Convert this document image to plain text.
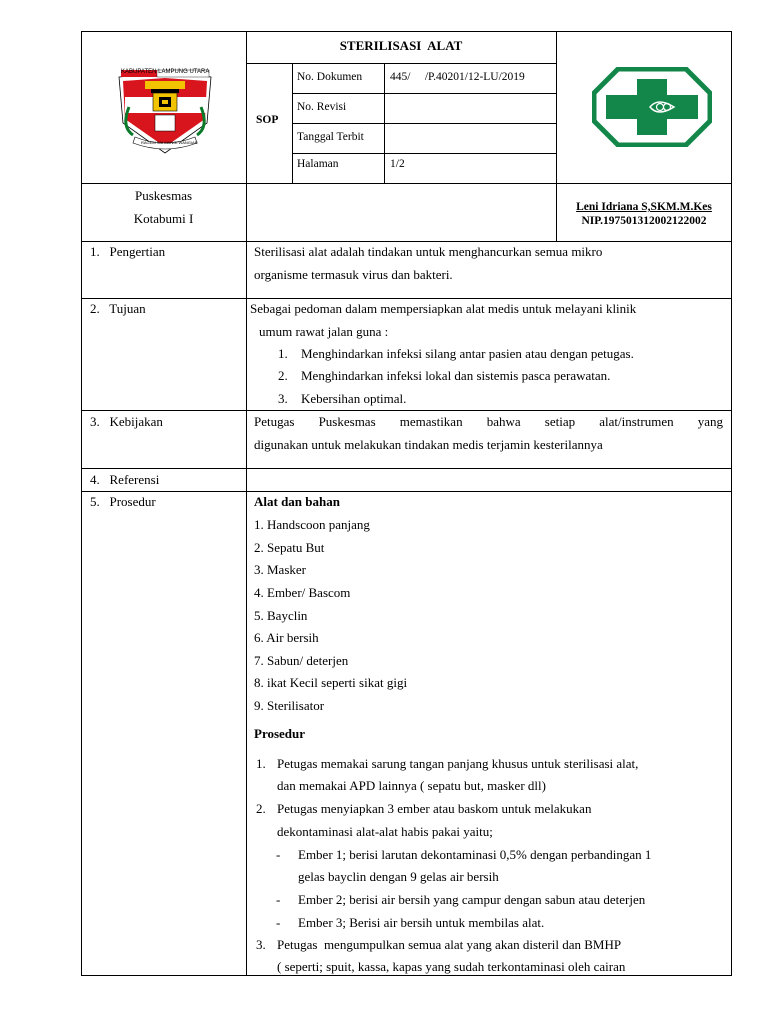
KABUPATEN LAMPUNG UTARA
RAGEM SAI MANGI WANGIAN
STERILISASI  ALAT
SOP
No. Dokumen 445/     /P.40201/12-LU/2019
No. Revisi
Tanggal Terbit
Halaman	1/2
Puskesmas
Kotabumi I
Leni Idriana S,SKM.M.Kes
NIP.197501312002122002
1.   Pengertian	Sterilisasi alat adalah tindakan untuk menghancurkan semua mikro
organisme termasuk virus dan bakteri.
2.   Tujuan	Sebagai pedoman dalam mempersiapkan alat medis untuk melayani klinik
umum rawat jalan guna :
1. Menghindarkan infeksi silang antar pasien atau dengan petugas.
2. Menghindarkan infeksi lokal dan sistemis pasca perawatan.
3. Kebersihan optimal.
3.   Kebijakan	Petugas Puskesmas memastikan bahwa setiap alat/instrumen yang
digunakan untuk melakukan tindakan medis terjamin kesterilannya
4.   Referensi
5.   Prosedur	Alat dan bahan
1. Handscoon panjang
2. Sepatu But
3. Masker
4. Ember/ Bascom
5. Bayclin
6. Air bersih
7. Sabun/ deterjen
8. ikat Kecil seperti sikat gigi
9. Sterilisator
Prosedur
1. Petugas memakai sarung tangan panjang khusus untuk sterilisasi alat,
dan memakai APD lainnya ( sepatu but, masker dll)
2. Petugas menyiapkan 3 ember atau baskom untuk melakukan
dekontaminasi alat-alat habis pakai yaitu;
- Ember 1; berisi larutan dekontaminasi 0,5% dengan perbandingan 1
gelas bayclin dengan 9 gelas air bersih
- Ember 2; berisi air bersih yang campur dengan sabun atau deterjen
- Ember 3; Berisi air bersih untuk membilas alat.
3. Petugas  mengumpulkan semua alat yang akan disteril dan BMHP
( seperti; spuit, kassa, kapas yang sudah terkontaminasi oleh cairan
